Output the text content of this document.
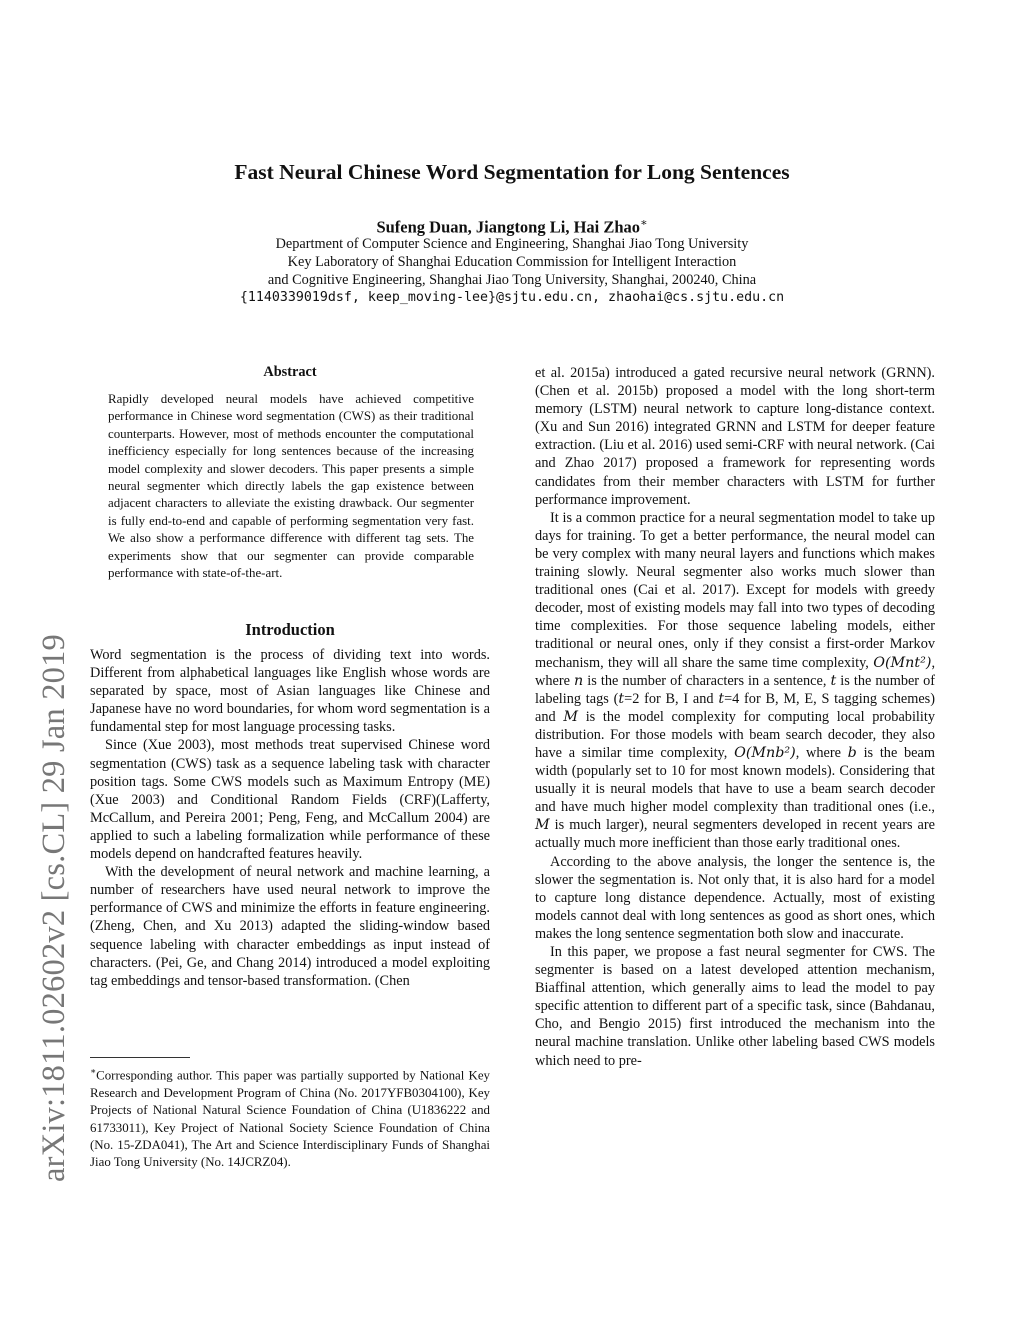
Fast Neural Chinese Word Segmentation for Long Sentences
Sufeng Duan, Jiangtong Li, Hai Zhao∗
Department of Computer Science and Engineering, Shanghai Jiao Tong University
Key Laboratory of Shanghai Education Commission for Intelligent Interaction
and Cognitive Engineering, Shanghai Jiao Tong University, Shanghai, 200240, China
{1140339019dsf, keep_moving-lee}@sjtu.edu.cn, zhaohai@cs.sjtu.edu.cn
arXiv:1811.02602v2 [cs.CL] 29 Jan 2019
Abstract
Rapidly developed neural models have achieved competitive performance in Chinese word segmentation (CWS) as their traditional counterparts. However, most of methods encounter the computational inefficiency especially for long sentences because of the increasing model complexity and slower decoders. This paper presents a simple neural segmenter which directly labels the gap existence between adjacent characters to alleviate the existing drawback. Our segmenter is fully end-to-end and capable of performing segmentation very fast. We also show a performance difference with different tag sets. The experiments show that our segmenter can provide comparable performance with state-of-the-art.
Introduction

Word segmentation is the process of dividing text into words. Different from alphabetical languages like English whose words are separated by space, most of Asian languages like Chinese and Japanese have no word boundaries, for whom word segmentation is a fundamental step for most language processing tasks.

Since (Xue 2003), most methods treat supervised Chinese word segmentation (CWS) task as a sequence labeling task with character position tags. Some CWS models such as Maximum Entropy (ME)(Xue 2003) and Conditional Random Fields (CRF)(Lafferty, McCallum, and Pereira 2001; Peng, Feng, and McCallum 2004) are applied to such a labeling formalization while performance of these models depend on handcrafted features heavily.

With the development of neural network and machine learning, a number of researchers have used neural network to improve the performance of CWS and minimize the efforts in feature engineering. (Zheng, Chen, and Xu 2013) adapted the sliding-window based sequence labeling with character embeddings as input instead of characters. (Pei, Ge, and Chang 2014) introduced a model exploiting tag embeddings and tensor-based transformation. (Chen

∗Corresponding author. This paper was partially supported by National Key Research and Development Program of China (No. 2017YFB0304100), Key Projects of National Natural Science Foundation of China (U1836222 and 61733011), Key Project of National Society Science Foundation of China (No. 15-ZDA041), The Art and Science Interdisciplinary Funds of Shanghai Jiao Tong University (No. 14JCRZ04).

et al. 2015a) introduced a gated recursive neural network (GRNN). (Chen et al. 2015b) proposed a model with the long short-term memory (LSTM) neural network to capture long-distance context. (Xu and Sun 2016) integrated GRNN and LSTM for deeper feature extraction. (Liu et al. 2016) used semi-CRF with neural network. (Cai and Zhao 2017) proposed a framework for representing words candidates from their member characters with LSTM for further performance improvement.

It is a common practice for a neural segmentation model to take up days for training. To get a better performance, the neural model can be very complex with many neural layers and functions which makes training slowly. Neural segmenter also works much slower than traditional ones (Cai et al. 2017). Except for models with greedy decoder, most of existing models may fall into two types of decoding time complexities. For those sequence labeling models, either traditional or neural ones, only if they consist a first-order Markov mechanism, they will all share the same time complexity, O(Mnt²), where n is the number of characters in a sentence, t is the number of labeling tags (t=2 for B, I and t=4 for B, M, E, S tagging schemes) and M is the model complexity for computing local probability distribution. For those models with beam search decoder, they also have a similar time complexity, O(Mnb²), where b is the beam width (popularly set to 10 for most known models). Considering that usually it is neural models that have to use a beam search decoder and have much higher model complexity than traditional ones (i.e., M is much larger), neural segmenters developed in recent years are actually much more inefficient than those early traditional ones.

According to the above analysis, the longer the sentence is, the slower the segmentation is. Not only that, it is also hard for a model to capture long distance dependence. Actually, most of existing models cannot deal with long sentences as good as short ones, which makes the long sentence segmentation both slow and inaccurate.

In this paper, we propose a fast neural segmenter for CWS. The segmenter is based on a latest developed attention mechanism, Biaffinal attention, which generally aims to lead the model to pay specific attention to different part of a specific task, since (Bahdanau, Cho, and Bengio 2015) first introduced the mechanism into the neural machine translation. Unlike other labeling based CWS models which need to pre-
